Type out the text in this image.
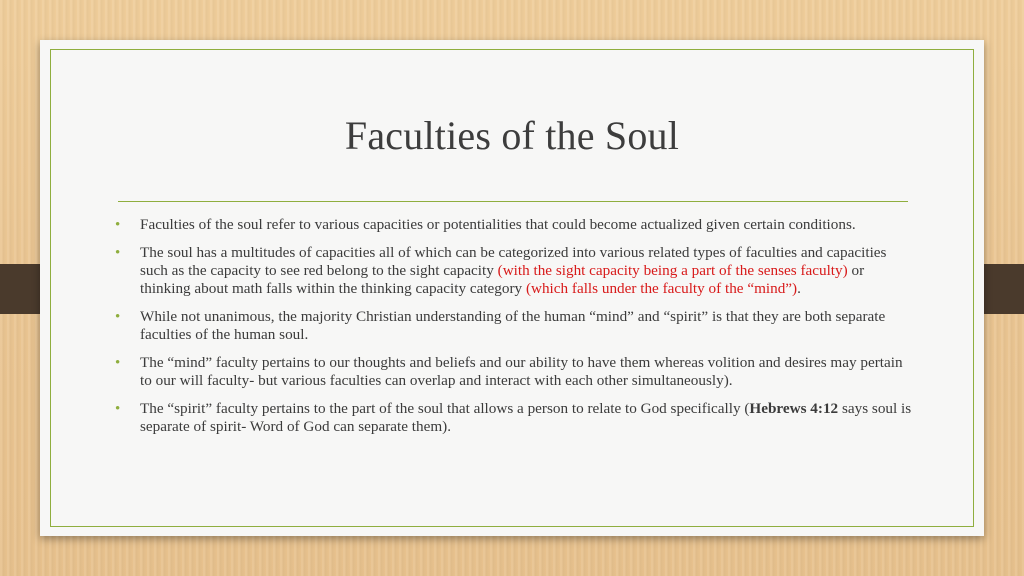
Faculties of the Soul
• Faculties of the soul refer to various capacities or potentialities that could become actualized given certain conditions.
• The soul has a multitudes of capacities all of which can be categorized into various related types of faculties and capacities such as the capacity to see red belong to the sight capacity (with the sight capacity being a part of the senses faculty) or thinking about math falls within the thinking capacity category (which falls under the faculty of the “mind”).
• While not unanimous, the majority Christian understanding of the human “mind” and “spirit” is that they are both separate faculties of the human soul.
• The “mind” faculty pertains to our thoughts and beliefs and our ability to have them whereas volition and desires may pertain to our will faculty- but various faculties can overlap and interact with each other simultaneously).
• The “spirit” faculty pertains to the part of the soul that allows a person to relate to God specifically (Hebrews 4:12 says soul is separate of spirit- Word of God can separate them).
